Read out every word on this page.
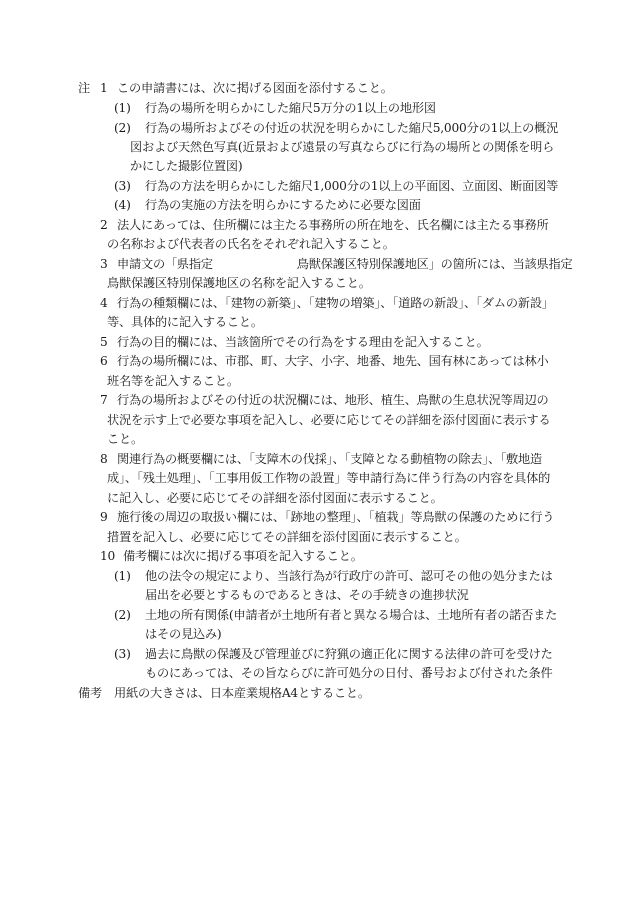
注 1 この申請書には、次に掲げる図面を添付すること。
(1) 行為の場所を明らかにした縮尺5万分の1以上の地形図
(2) 行為の場所およびその付近の状況を明らかにした縮尺5,000分の1以上の概況
図および天然色写真(近景および遠景の写真ならびに行為の場所との関係を明ら
かにした撮影位置図)
(3) 行為の方法を明らかにした縮尺1,000分の1以上の平面図、立面図、断面図等
(4) 行為の実施の方法を明らかにするために必要な図面
2 法人にあっては、住所欄には主たる事務所の所在地を、氏名欄には主たる事務所
の名称および代表者の氏名をそれぞれ記入すること。
3 申請文の「県指定　　　　　　　鳥獣保護区特別保護地区」の箇所には、当該県指定
鳥獣保護区特別保護地区の名称を記入すること。
4 行為の種類欄には、「建物の新築」、「建物の増築」、「道路の新設」、「ダムの新設」
等、具体的に記入すること。
5 行為の目的欄には、当該箇所でその行為をする理由を記入すること。
6 行為の場所欄には、市郡、町、大字、小字、地番、地先、国有林にあっては林小
班名等を記入すること。
7 行為の場所およびその付近の状況欄には、地形、植生、鳥獣の生息状況等周辺の
状況を示す上で必要な事項を記入し、必要に応じてその詳細を添付図面に表示する
こと。
8 関連行為の概要欄には、「支障木の伐採」、「支障となる動植物の除去」、「敷地造
成」、「残土処理」、「工事用仮工作物の設置」等申請行為に伴う行為の内容を具体的
に記入し、必要に応じてその詳細を添付図面に表示すること。
9 施行後の周辺の取扱い欄には、「跡地の整理」、「植栽」等鳥獣の保護のために行う
措置を記入し、必要に応じてその詳細を添付図面に表示すること。
10 備考欄には次に掲げる事項を記入すること。
(1) 他の法令の規定により、当該行為が行政庁の許可、認可その他の処分または
届出を必要とするものであるときは、その手続きの進捗状況
(2) 土地の所有関係(申請者が土地所有者と異なる場合は、土地所有者の諾否また
はその見込み)
(3) 過去に鳥獣の保護及び管理並びに狩猟の適正化に関する法律の許可を受けた
ものにあっては、その旨ならびに許可処分の日付、番号および付された条件
備考 用紙の大きさは、日本産業規格A4とすること。
